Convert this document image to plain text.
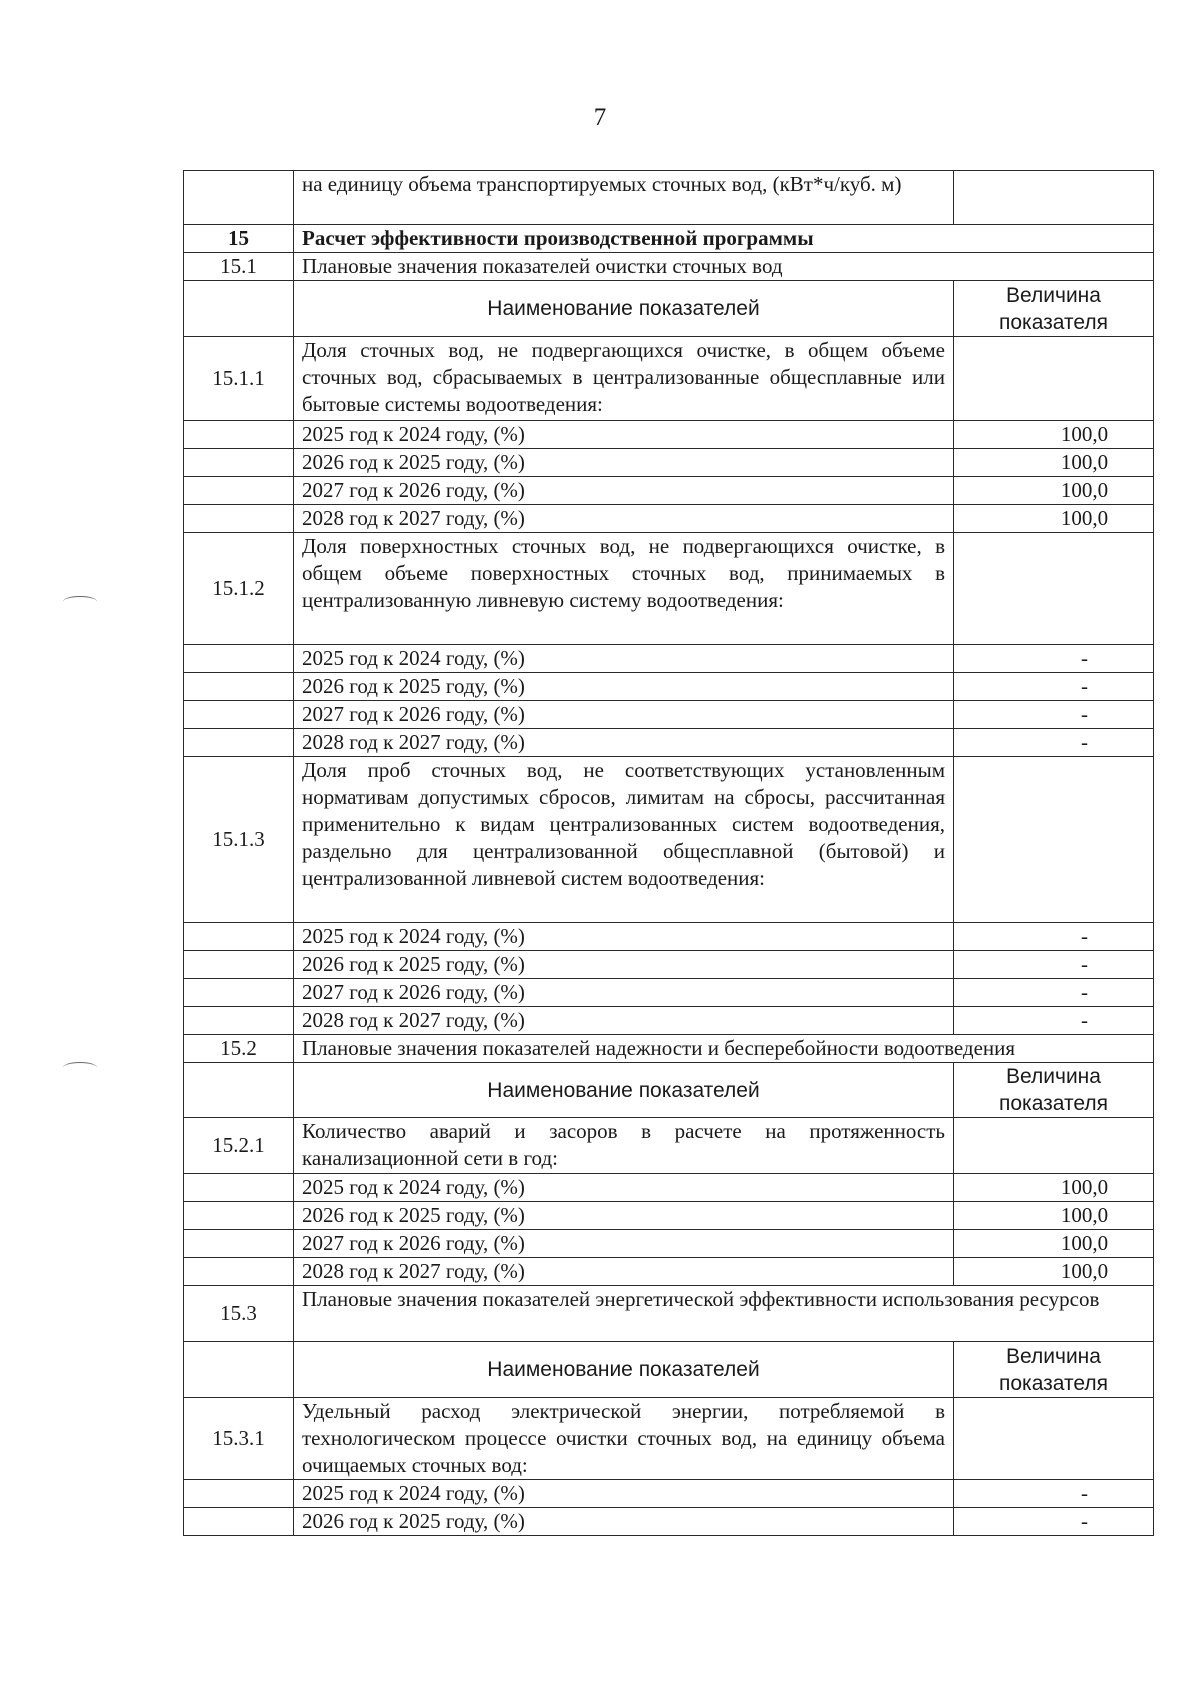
7
	на единицу объема транспортируемых сточных вод, (кВт*ч/куб. м)	
15	Расчет эффективности производственной программы	
15.1	Плановые значения показателей очистки сточных вод	
	Наименование показателей	Величина показателя
15.1.1	Доля сточных вод, не подвергающихся очистке, в общем объеме сточных вод, сбрасываемых в централизованные общесплавные или бытовые системы водоотведения:	
	2025 год к 2024 году, (%)	100,0
	2026 год к 2025 году, (%)	100,0
	2027 год к 2026 году, (%)	100,0
	2028 год к 2027 году, (%)	100,0
15.1.2	Доля поверхностных сточных вод, не подвергающихся очистке, в общем объеме поверхностных сточных вод, принимаемых в централизованную ливневую систему водоотведения:	
	2025 год к 2024 году, (%)	-
	2026 год к 2025 году, (%)	-
	2027 год к 2026 году, (%)	-
	2028 год к 2027 году, (%)	-
15.1.3	Доля проб сточных вод, не соответствующих установленным нормативам допустимых сбросов, лимитам на сбросы, рассчитанная применительно к видам централизованных систем водоотведения, раздельно для централизованной общесплавной (бытовой) и централизованной ливневой систем водоотведения:	
	2025 год к 2024 году, (%)	-
	2026 год к 2025 году, (%)	-
	2027 год к 2026 году, (%)	-
	2028 год к 2027 году, (%)	-
15.2	Плановые значения показателей надежности и бесперебойности водоотведения	
	Наименование показателей	Величина показателя
15.2.1	Количество аварий и засоров в расчете на протяженность канализационной сети в год:	
	2025 год к 2024 году, (%)	100,0
	2026 год к 2025 году, (%)	100,0
	2027 год к 2026 году, (%)	100,0
	2028 год к 2027 году, (%)	100,0
15.3	Плановые значения показателей энергетической эффективности использования ресурсов	
	Наименование показателей	Величина показателя
15.3.1	Удельный расход электрической энергии, потребляемой в технологическом процессе очистки сточных вод, на единицу объема очищаемых сточных вод:	
	2025 год к 2024 году, (%)	-
	2026 год к 2025 году, (%)	-
